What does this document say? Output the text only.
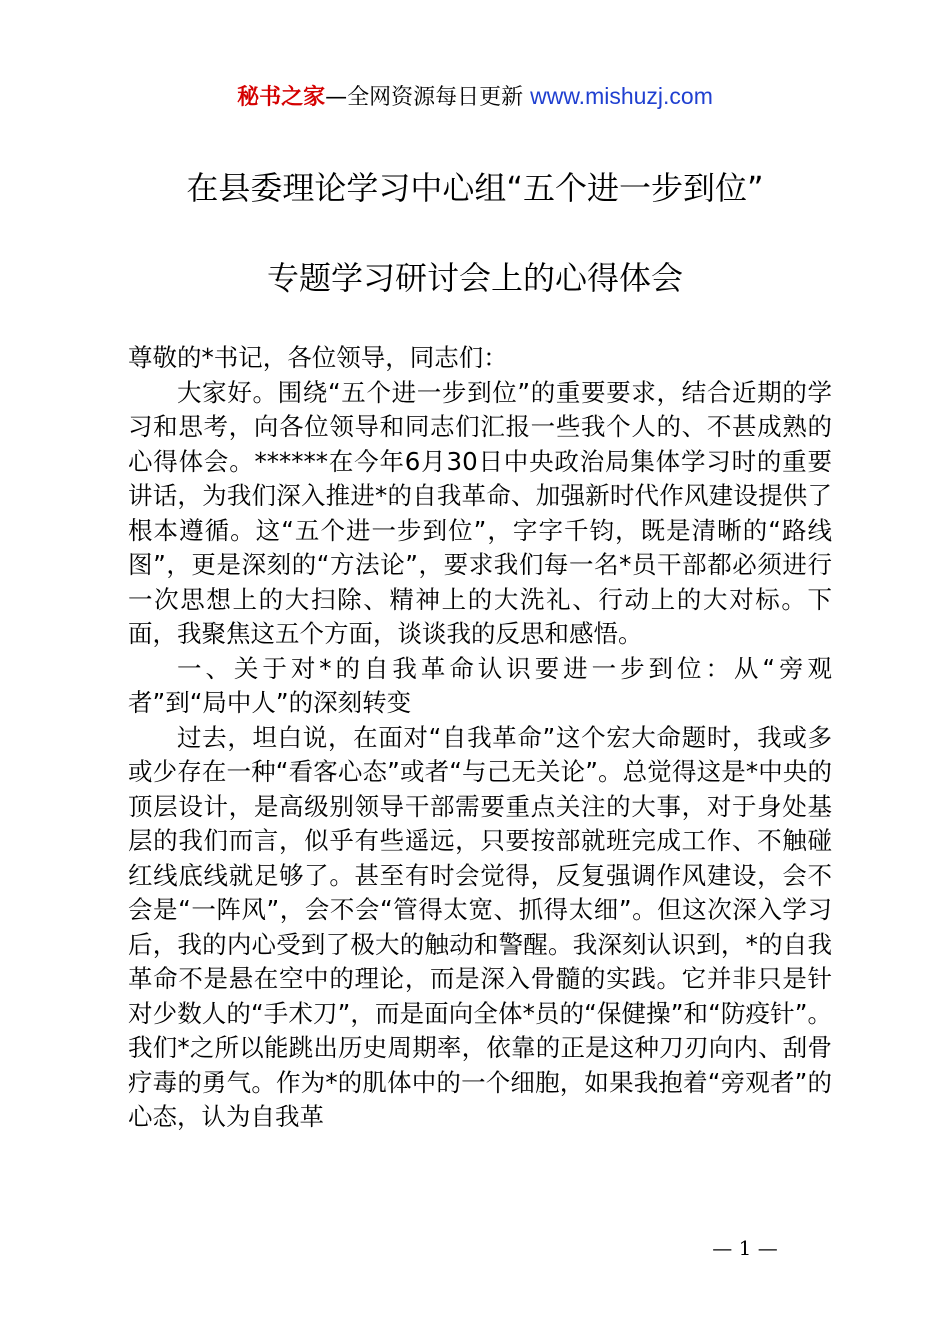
秘书之家—全网资源每日更新 www.mishuzj.com
在县委理论学习中心组“五个进一步到位”
专题学习研讨会上的心得体会

尊敬的*书记，各位领导，同志们：

大家好。围绕“五个进一步到位”的重要要求，结合近期的学习和思考，向各位领导和同志们汇报一些我个人的、不甚成熟的心得体会。******在今年6月30日中央政治局集体学习时的重要讲话，为我们深入推进*的自我革命、加强新时代作风建设提供了根本遵循。这“五个进一步到位”，字字千钧，既是清晰的“路线图”，更是深刻的“方法论”，要求我们每一名*员干部都必须进行一次思想上的大扫除、精神上的大洗礼、行动上的大对标。下面，我聚焦这五个方面，谈谈我的反思和感悟。

一、关于对*的自我革命认识要进一步到位：从“旁观者”到“局中人”的深刻转变

过去，坦白说，在面对“自我革命”这个宏大命题时，我或多或少存在一种“看客心态”或者“与己无关论”。总觉得这是*中央的顶层设计，是高级别领导干部需要重点关注的大事，对于身处基层的我们而言，似乎有些遥远，只要按部就班完成工作、不触碰红线底线就足够了。甚至有时会觉得，反复强调作风建设，会不会是“一阵风”，会不会“管得太宽、抓得太细”。但这次深入学习后，我的内心受到了极大的触动和警醒。我深刻认识到，*的自我革命不是悬在空中的理论，而是深入骨髓的实践。它并非只是针对少数人的“手术刀”，而是面向全体*员的“保健操”和“防疫针”。我们*之所以能跳出历史周期率，依靠的正是这种刀刃向内、刮骨疗毒的勇气。作为*的肌体中的一个细胞，如果我抱着“旁观者”的心态，认为自我革

— 1 —
